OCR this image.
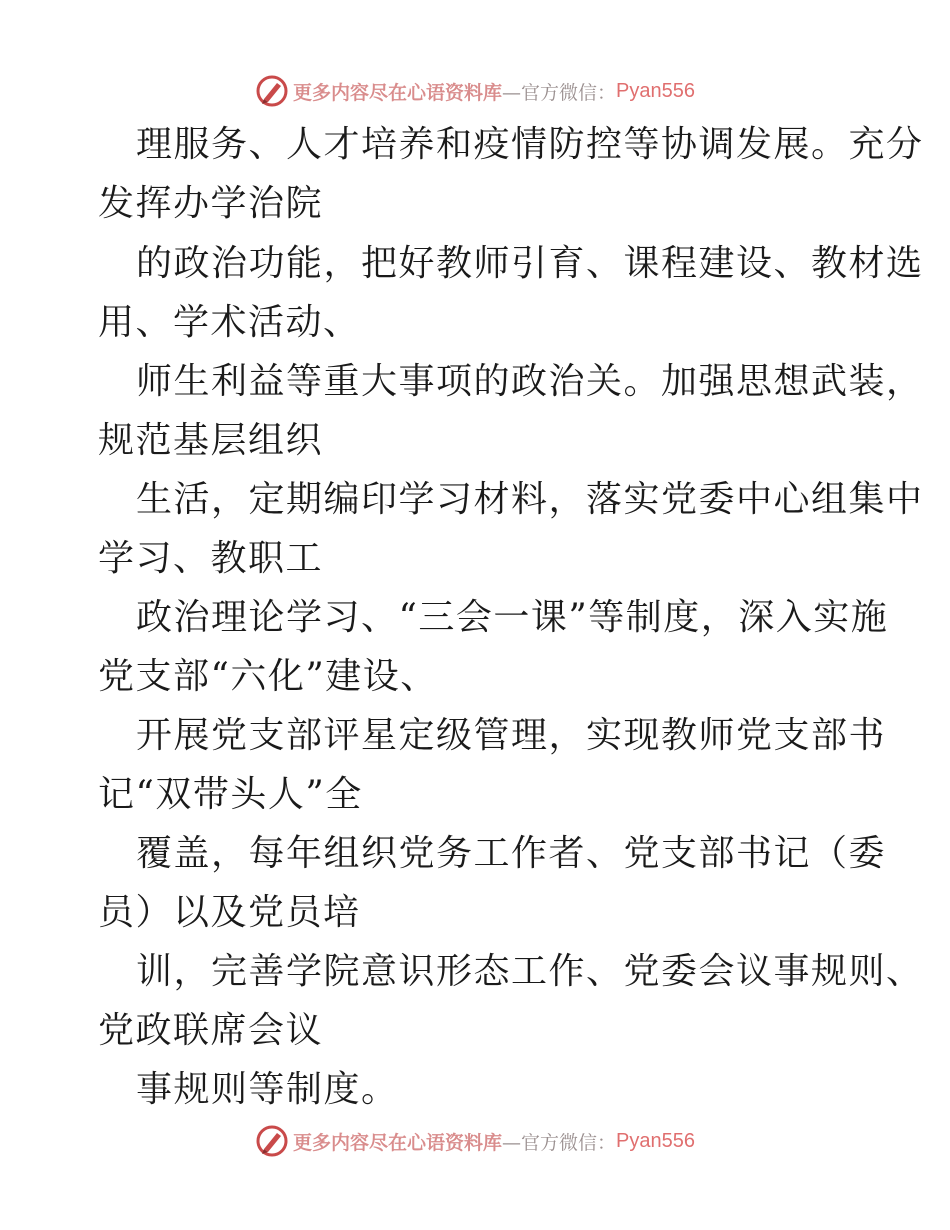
更多内容尽在心语资料库 —官方微信： Pyan556
理服务、人才培养和疫情防控等协调发展。充分
发挥办学治院
的政治功能，把好教师引育、课程建设、教材选
用、学术活动、
师生利益等重大事项的政治关。加强思想武装，
规范基层组织
生活，定期编印学习材料，落实党委中心组集中
学习、教职工
政治理论学习、“三会一课”等制度，深入实施
党支部“六化”建设、
开展党支部评星定级管理，实现教师党支部书
记“双带头人”全
覆盖，每年组织党务工作者、党支部书记（委
员）以及党员培
训，完善学院意识形态工作、党委会议事规则、
党政联席会议
事规则等制度。
更多内容尽在心语资料库 —官方微信： Pyan556
